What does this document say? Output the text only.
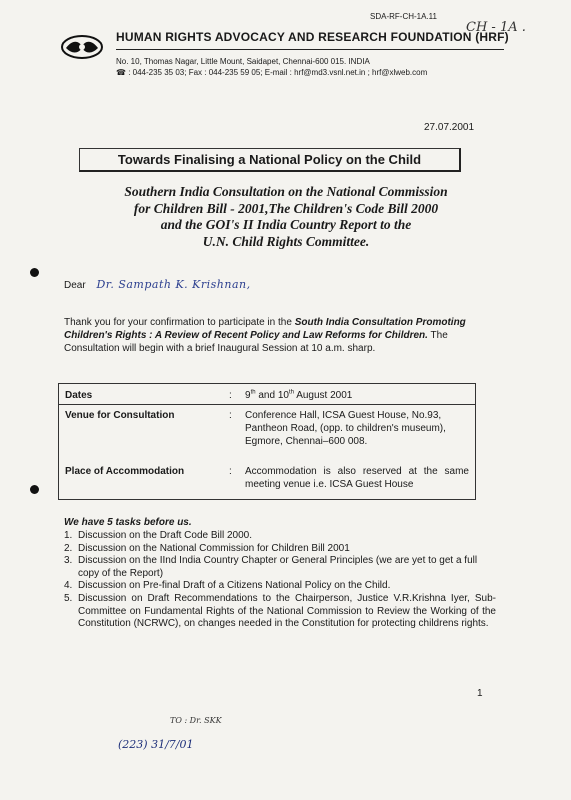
SDA-RF-CH-1A.11
CH - 1A .
HUMAN RIGHTS ADVOCACY AND RESEARCH FOUNDATION (HRF)
No. 10, Thomas Nagar, Little Mount, Saidapet, Chennai-600 015. INDIA
☎ : 044-235 35 03; Fax : 044-235 59 05; E-mail : hrf@md3.vsnl.net.in ; hrf@xlweb.com
27.07.2001
Towards Finalising a National Policy on the Child
Southern India Consultation on the National Commission
for Children Bill - 2001,The Children's Code Bill 2000
and the GOI's II India Country Report to the
U.N. Child Rights Committee.
Dear Dr. Sampath K. Krishnan,
Thank you for your confirmation to participate in the South India Consultation Promoting Children's Rights : A Review of Recent Policy and Law Reforms for Children. The Consultation will begin with a brief Inaugural Session at 10 a.m. sharp.
Dates	: 9th and 10th August 2001
Venue for Consultation	: Conference Hall, ICSA Guest House, No.93, Pantheon Road, (opp. to children's museum), Egmore, Chennai–600 008.
Place of Accommodation	: Accommodation is also reserved at the same meeting venue i.e. ICSA Guest House
We have 5 tasks before us.
1. Discussion on the Draft Code Bill 2000.
2. Discussion on the National Commission for Children Bill 2001
3. Discussion on the IInd India Country Chapter or General Principles (we are yet to get a full copy of the Report)
4. Discussion on Pre-final Draft of a Citizens National Policy on the Child.
5. Discussion on Draft Recommendations to the Chairperson, Justice V.R.Krishna Iyer, Sub-Committee on Fundamental Rights of the National Commission to Review the Working of the Constitution (NCRWC), on changes needed in the Constitution for protecting childrens rights.
1
TO : Dr. SKK
(223) 31/7/01
